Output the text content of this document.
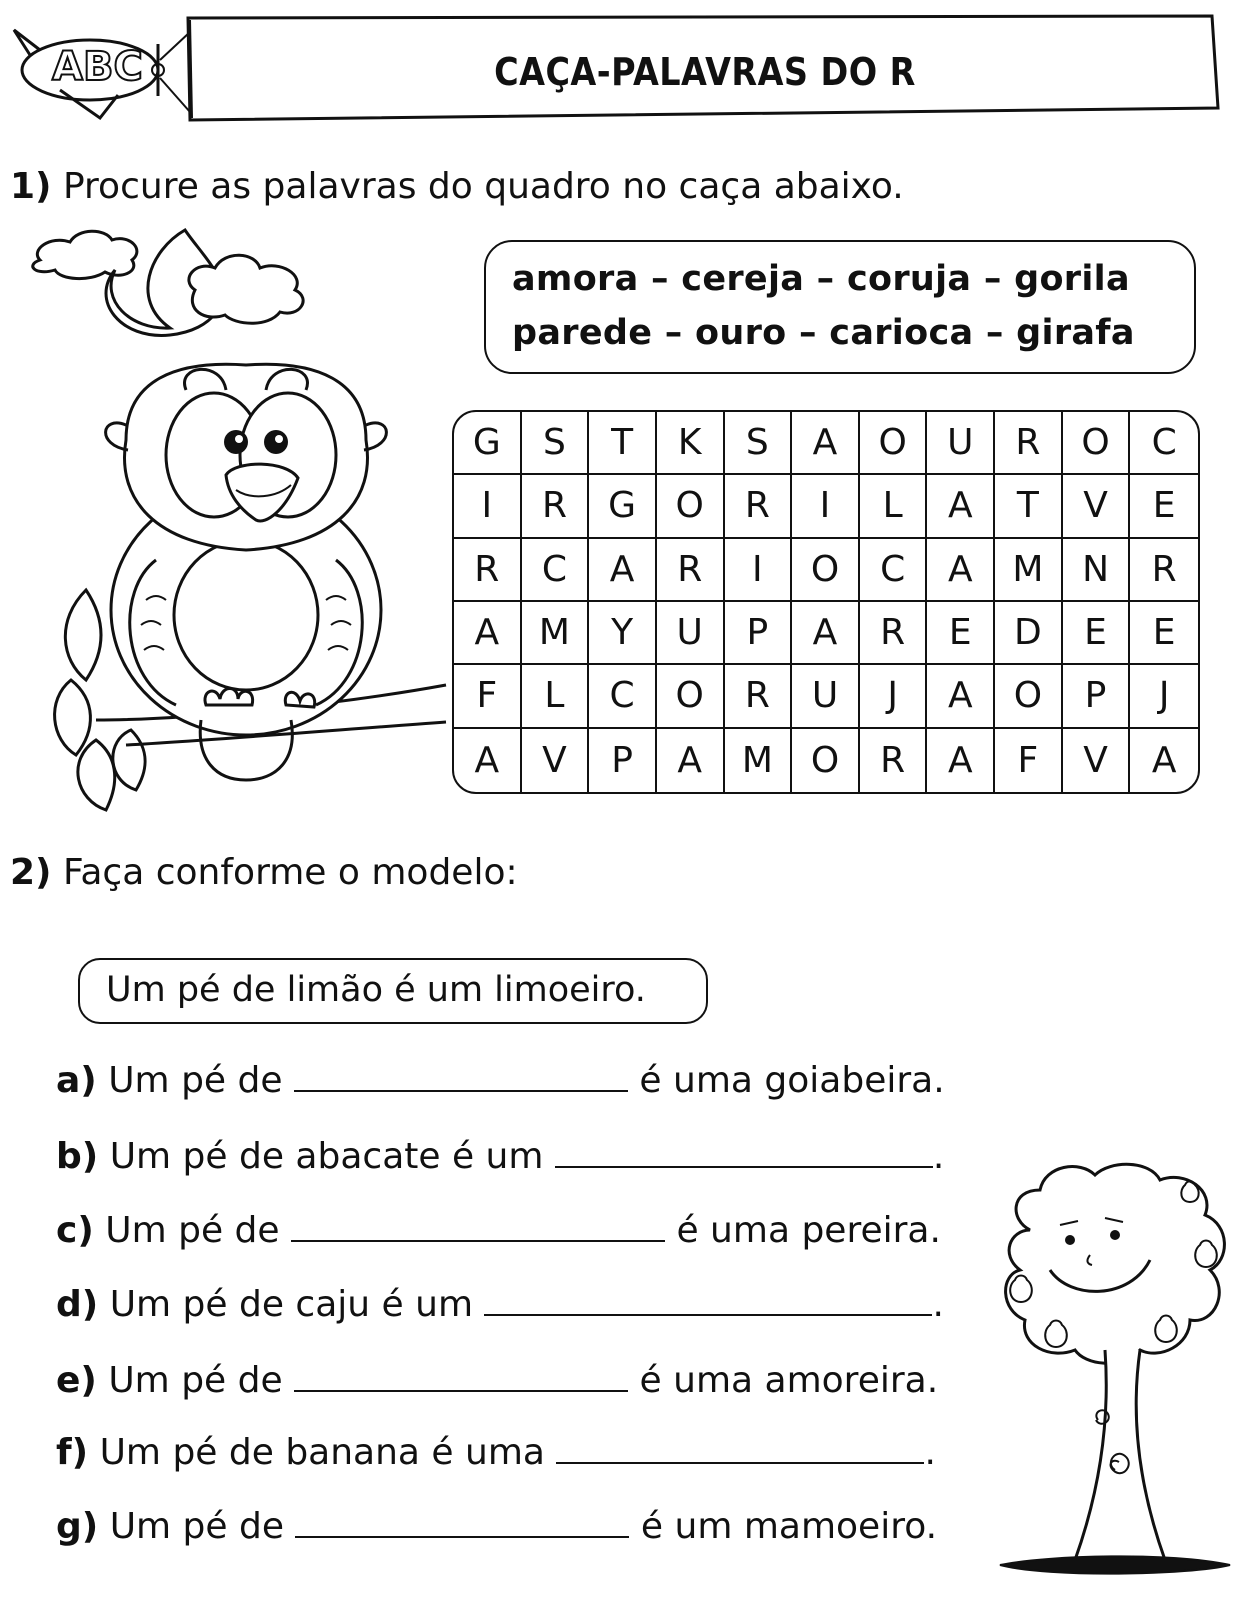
ABC	CAÇA-PALAVRAS DO R
1) Procure as palavras do quadro no caça abaixo.
amora – cereja – coruja – gorila
parede – ouro – carioca – girafa
G	S	T	K	S	A	O	U	R	O	C
I	R	G	O	R	I	L	A	T	V	E
R	C	A	R	I	O	C	A	M	N	R
A	M	Y	U	P	A	R	E	D	E	E
F	L	C	O	R	U	J	A	O	P	J
A	V	P	A	M	O	R	A	F	V	A
2) Faça conforme o modelo:
Um pé de limão é um limoeiro.
a) Um pé de	é uma goiabeira.
b) Um pé de abacate é um	.
c) Um pé de	é uma pereira.
d) Um pé de caju é um	.
e) Um pé de	é uma amoreira.
f) Um pé de banana é uma	.
g) Um pé de	é um mamoeiro.
